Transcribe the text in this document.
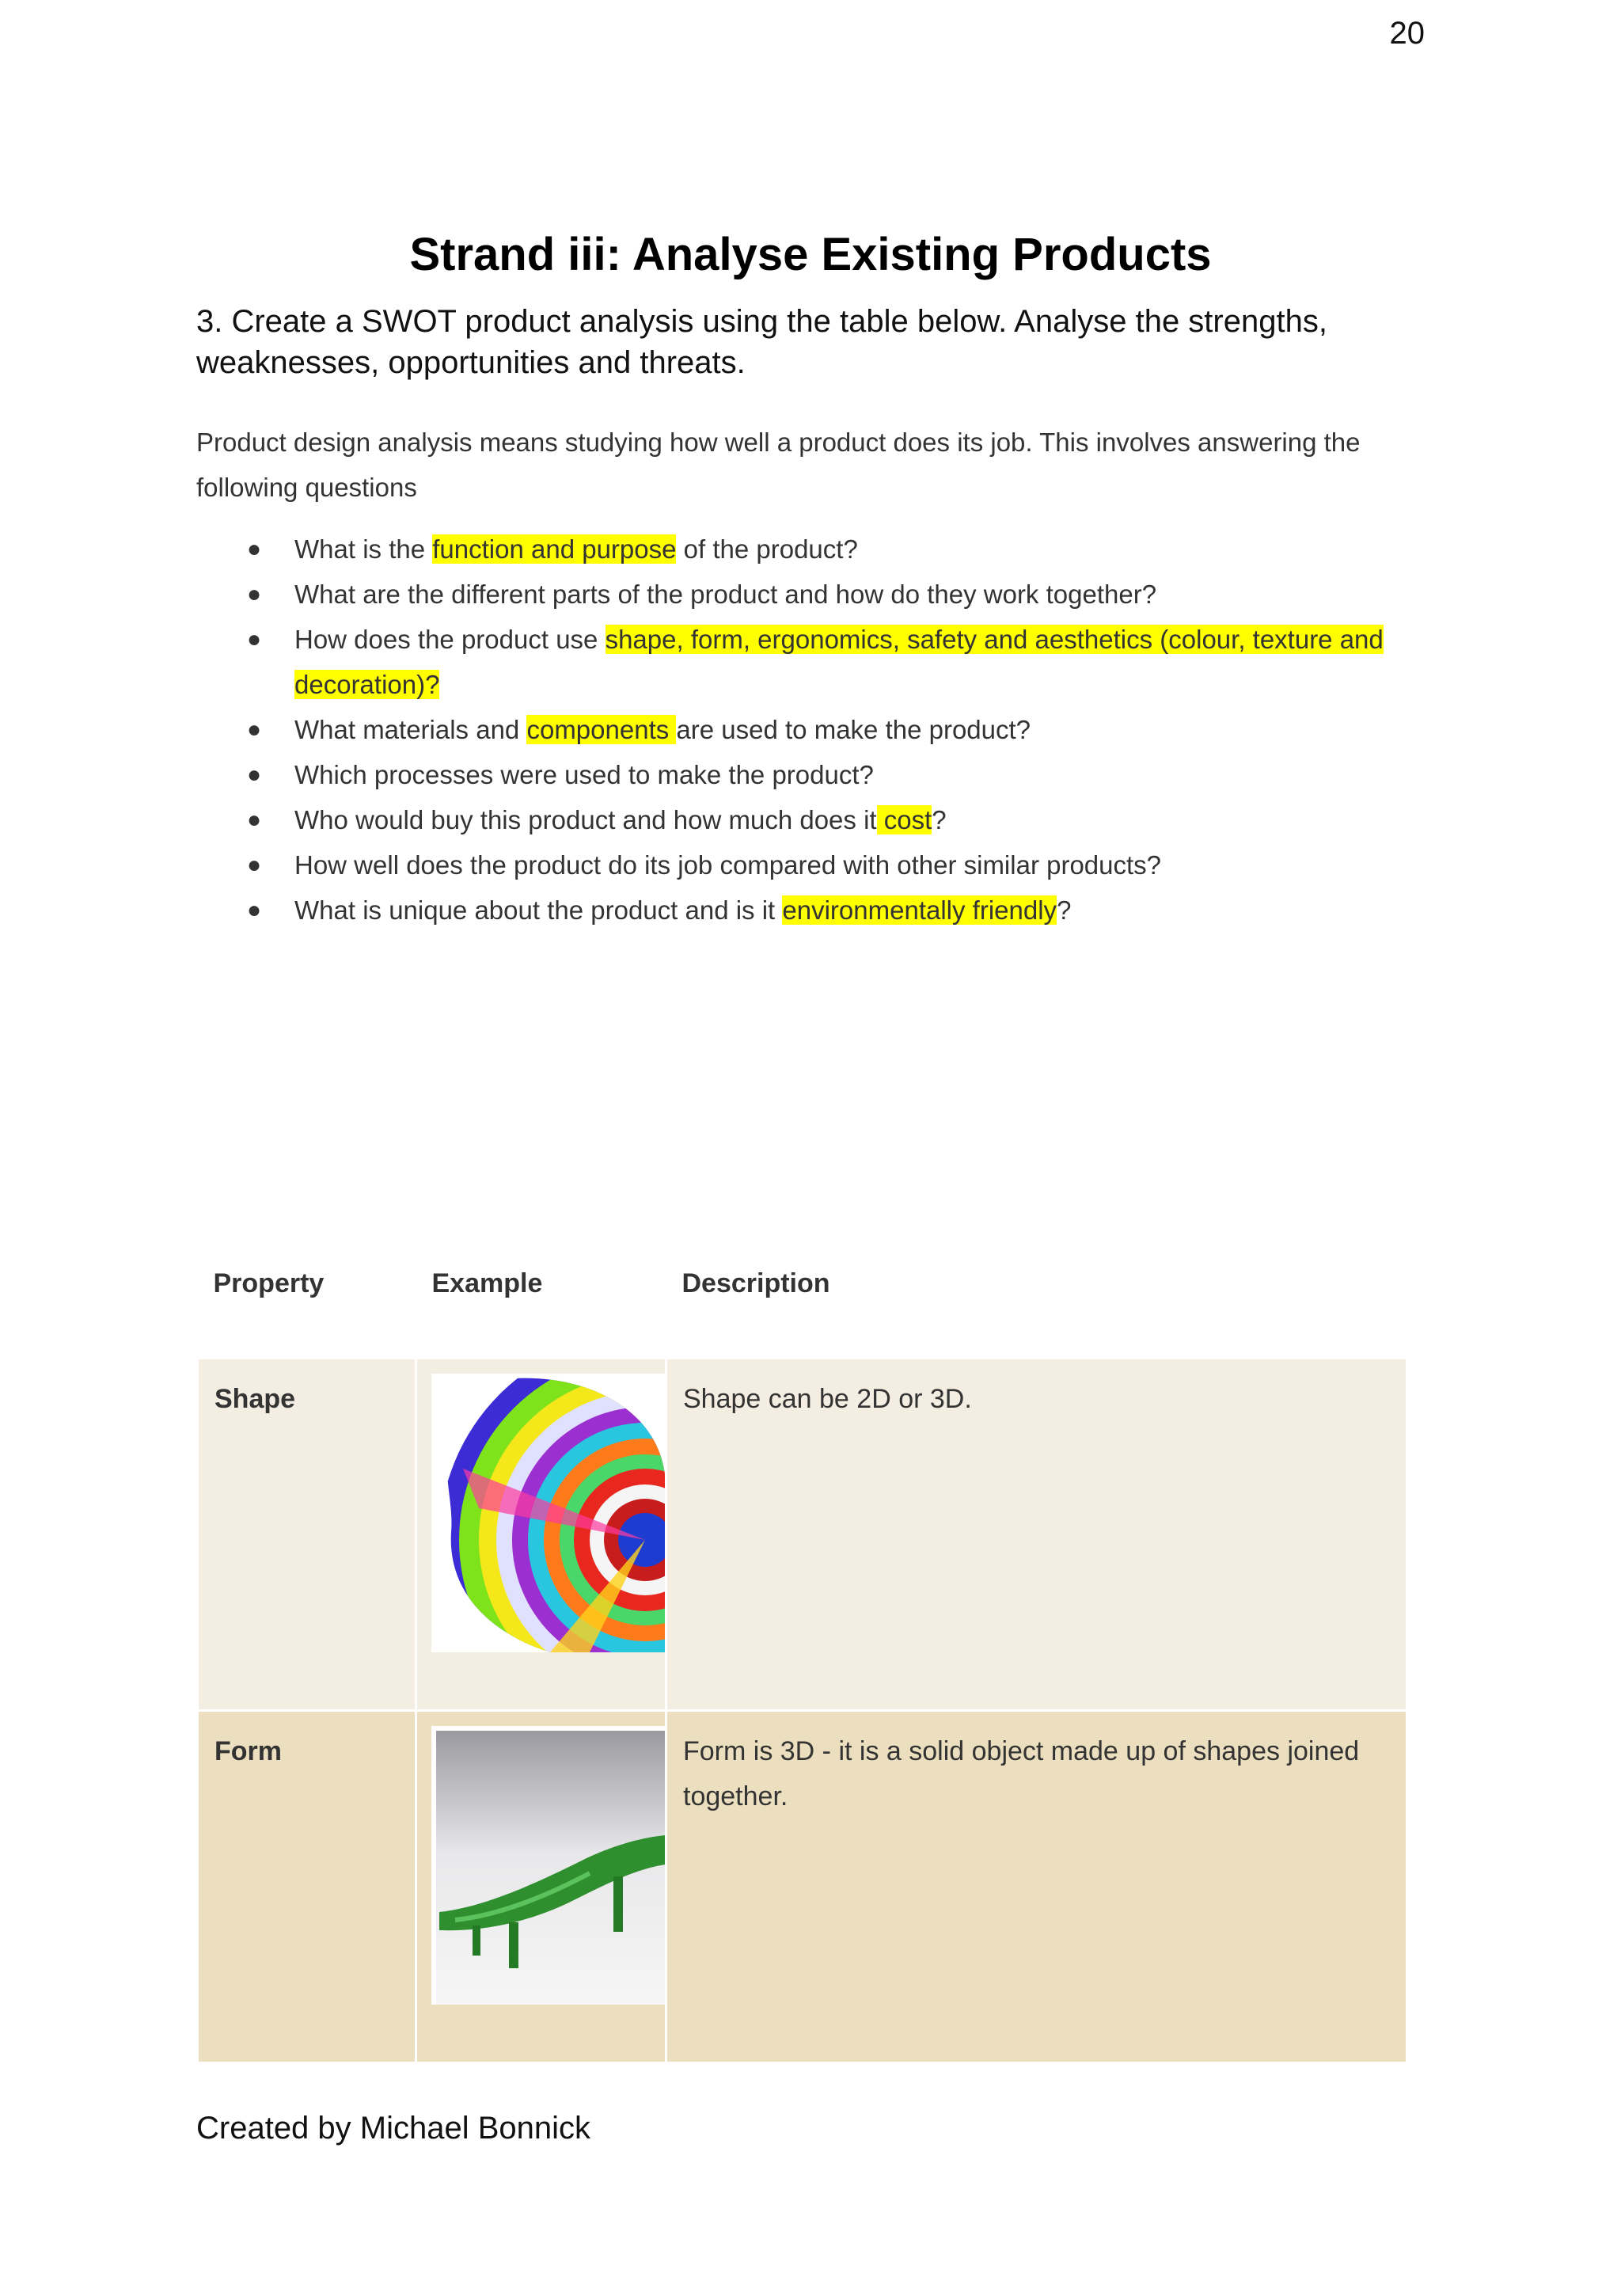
20
Strand iii: Analyse Existing Products
3. Create a SWOT product analysis using the table below. Analyse the strengths, weaknesses, opportunities and threats.
Product design analysis means studying how well a product does its job. This involves answering the following questions
● What is the function and purpose of the product?
● What are the different parts of the product and how do they work together?
● How does the product use shape, form, ergonomics, safety and aesthetics (colour, texture and decoration)?
● What materials and components are used to make the product?
● Which processes were used to make the product?
● Who would buy this product and how much does it cost?
● How well does the product do its job compared with other similar products?
● What is unique about the product and is it environmentally friendly?
Property	Example	Description
Shape		Shape can be 2D or 3D.
Form		Form is 3D - it is a solid object made up of shapes joined together.
Created by Michael Bonnick
